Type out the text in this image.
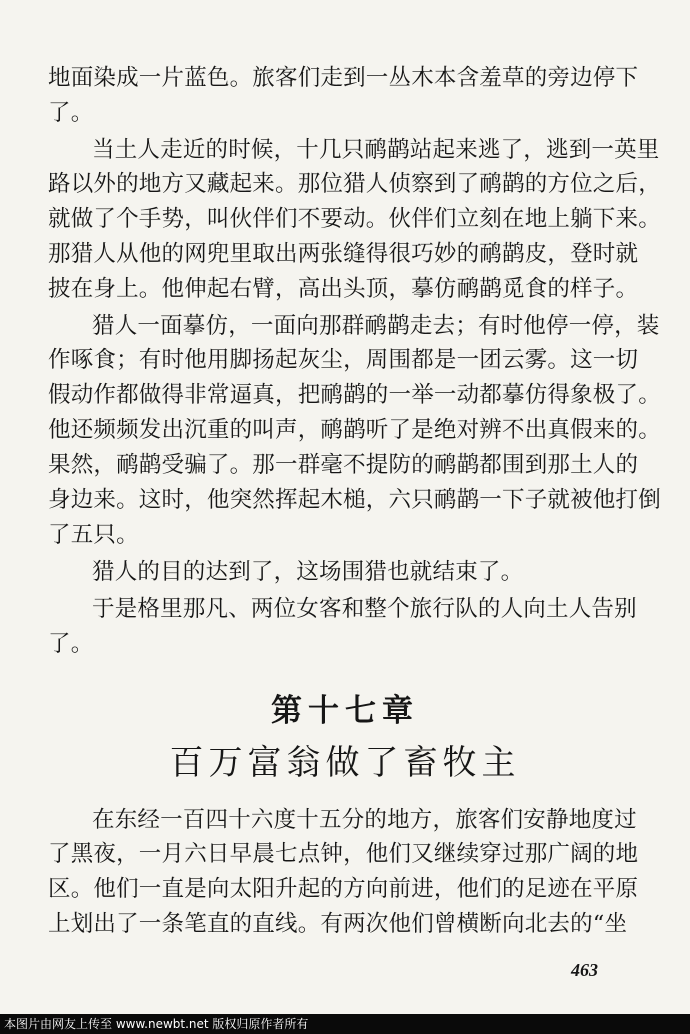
地面染成一片蓝色。旅客们走到一丛木本含羞草的旁边停下
了。
当土人走近的时候，十几只鸸鹋站起来逃了，逃到一英里
路以外的地方又藏起来。那位猎人侦察到了鸸鹋的方位之后，
就做了个手势，叫伙伴们不要动。伙伴们立刻在地上躺下来。
那猎人从他的网兜里取出两张缝得很巧妙的鸸鹋皮，登时就
披在身上。他伸起右臂，高出头顶，摹仿鸸鹋觅食的样子。
猎人一面摹仿，一面向那群鸸鹋走去；有时他停一停，装
作啄食；有时他用脚扬起灰尘，周围都是一团云雾。这一切
假动作都做得非常逼真，把鸸鹋的一举一动都摹仿得象极了。
他还频频发出沉重的叫声，鸸鹋听了是绝对辨不出真假来的。
果然，鸸鹋受骗了。那一群毫不提防的鸸鹋都围到那土人的
身边来。这时，他突然挥起木槌，六只鸸鹋一下子就被他打倒
了五只。
猎人的目的达到了，这场围猎也就结束了。
于是格里那凡、两位女客和整个旅行队的人向土人告别
了。
第十七章
百万富翁做了畜牧主
在东经一百四十六度十五分的地方，旅客们安静地度过
了黑夜，一月六日早晨七点钟，他们又继续穿过那广阔的地
区。他们一直是向太阳升起的方向前进，他们的足迹在平原
上划出了一条笔直的直线。有两次他们曾横断向北去的“坐
463
本图片由网友上传至 www.newbt.net 版权归原作者所有
